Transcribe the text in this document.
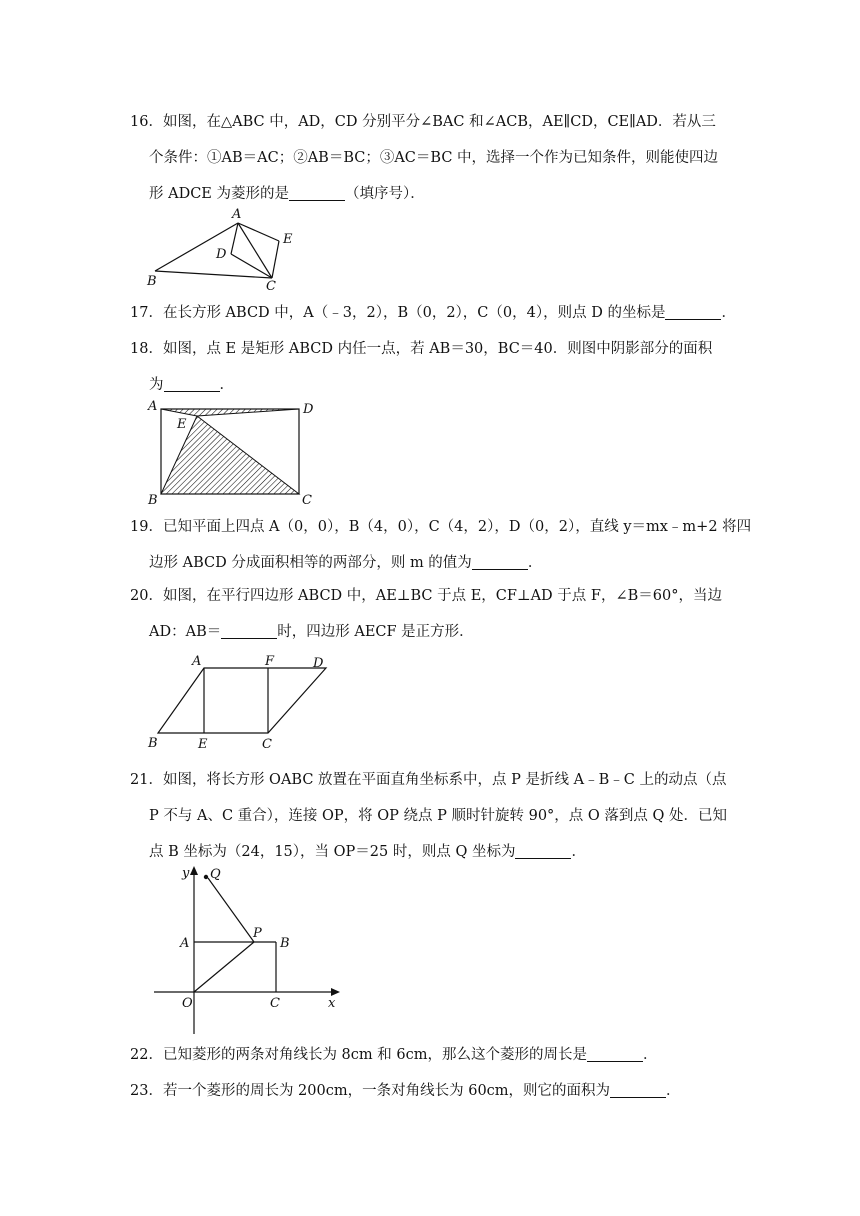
16．如图，在△ABC 中，AD，CD 分别平分∠BAC 和∠ACB，AE∥CD，CE∥AD．若从三
个条件：①AB＝AC；②AB＝BC；③AC＝BC 中，选择一个作为已知条件，则能使四边
形 ADCE 为菱形的是	（填序号）．
A
B	C
D
E
17．在长方形 ABCD 中，A（﹣3，2），B（0，2），C（0，4），则点 D 的坐标是	．
18．如图，点 E 是矩形 ABCD 内任一点，若 AB＝30，BC＝40．则图中阴影部分的面积
为	．
A	D
E
B	C
19．已知平面上四点 A（0，0），B（4，0），C（4，2），D（0，2），直线 y＝mx﹣m+2 将四
边形 ABCD 分成面积相等的两部分，则 m 的值为	．
20．如图，在平行四边形 ABCD 中，AE⊥BC 于点 E，CF⊥AD 于点 F，∠B＝60°，当边
AD：AB＝	时，四边形 AECF 是正方形．
A	F	D
B	E	C
21．如图，将长方形 OABC 放置在平面直角坐标系中，点 P 是折线 A﹣B﹣C 上的动点（点
P 不与 A、C 重合），连接 OP，将 OP 绕点 P 顺时针旋转 90°，点 O 落到点 Q 处．已知
点 B 坐标为（24，15），当 OP＝25 时，则点 Q 坐标为	．
y
x
Q
A
P
B
O	C
22．已知菱形的两条对角线长为 8cm 和 6cm，那么这个菱形的周长是	．
23．若一个菱形的周长为 200cm，一条对角线长为 60cm，则它的面积为	．
